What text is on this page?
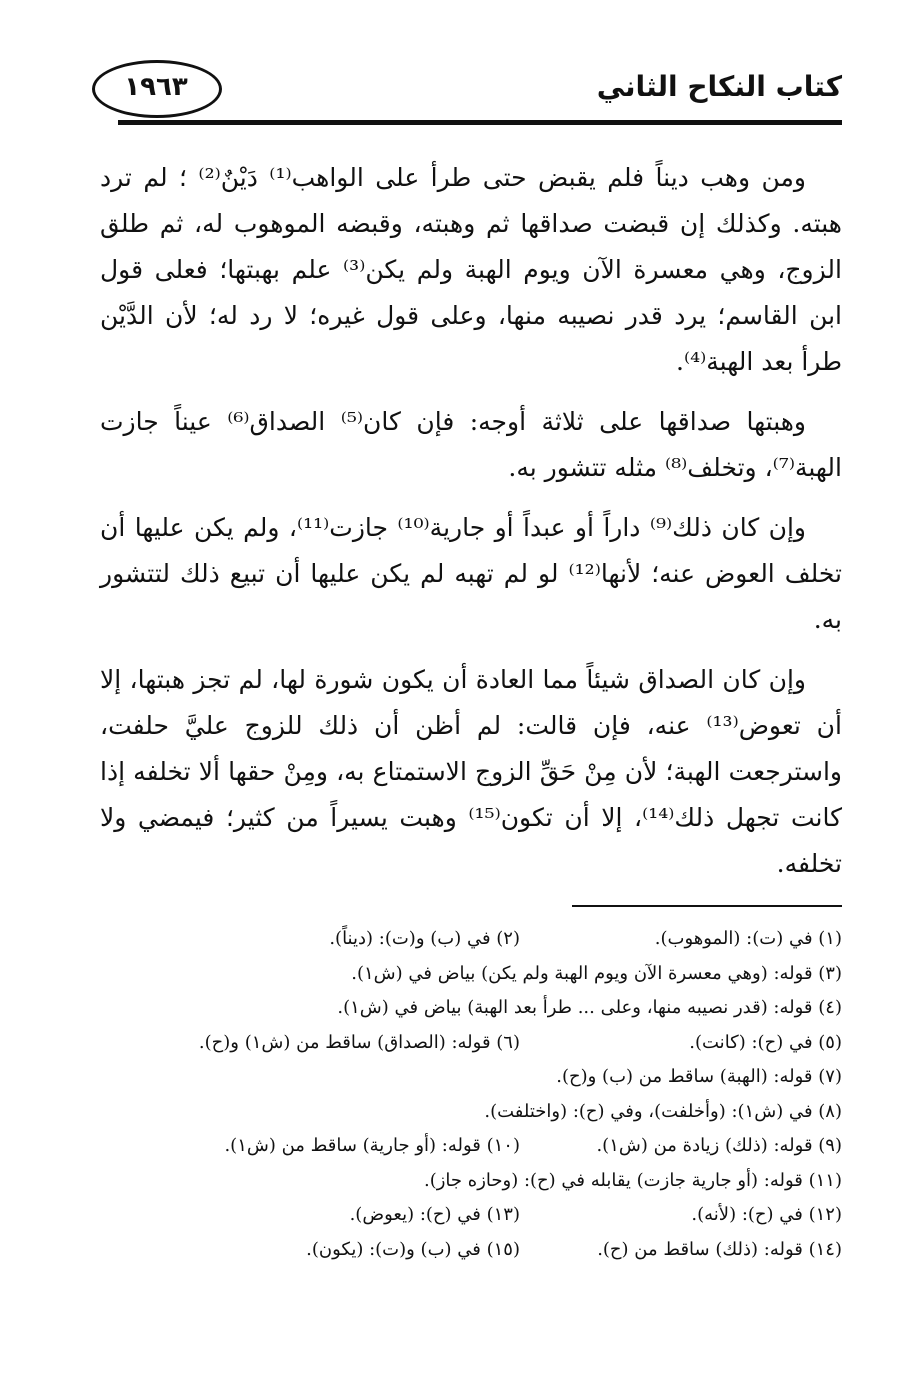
كتاب النكاح الثاني
١٩٦٣

ومن وهب ديناً فلم يقبض حتى طرأ على الواهب⁽¹⁾ دَيْنٌ⁽²⁾ ؛ لم ترد هبته. وكذلك إن قبضت صداقها ثم وهبته، وقبضه الموهوب له، ثم طلق الزوج، وهي معسرة الآن ويوم الهبة ولم يكن⁽³⁾ علم بهبتها؛ فعلى قول ابن القاسم؛ يرد قدر نصيبه منها، وعلى قول غيره؛ لا رد له؛ لأن الدَّيْن طرأ بعد الهبة⁽⁴⁾.

وهبتها صداقها على ثلاثة أوجه: فإن كان⁽⁵⁾ الصداق⁽⁶⁾ عيناً جازت الهبة⁽⁷⁾، وتخلف⁽⁸⁾ مثله تتشور به.

وإن كان ذلك⁽⁹⁾ داراً أو عبداً أو جارية⁽¹⁰⁾ جازت⁽¹¹⁾، ولم يكن عليها أن تخلف العوض عنه؛ لأنها⁽¹²⁾ لو لم تهبه لم يكن عليها أن تبيع ذلك لتتشور به.

وإن كان الصداق شيئاً مما العادة أن يكون شورة لها، لم تجز هبتها، إلا أن تعوض⁽¹³⁾ عنه، فإن قالت: لم أظن أن ذلك للزوج عليَّ حلفت، واسترجعت الهبة؛ لأن مِنْ حَقِّ الزوج الاستمتاع به، ومِنْ حقها ألا تخلفه إذا كانت تجهل ذلك⁽¹⁴⁾، إلا أن تكون⁽¹⁵⁾ وهبت يسيراً من كثير؛ فيمضي ولا تخلفه.

(١) في (ت): (الموهوب).
(٢) في (ب) و(ت): (ديناً).
(٣) قوله: (وهي معسرة الآن ويوم الهبة ولم يكن) بياض في (ش١).
(٤) قوله: (قدر نصيبه منها، وعلى ... طرأ بعد الهبة) بياض في (ش١).
(٥) في (ح): (كانت).
(٦) قوله: (الصداق) ساقط من (ش١) و(ح).
(٧) قوله: (الهبة) ساقط من (ب) و(ح).
(٨) في (ش١): (وأخلفت)، وفي (ح): (واختلفت).
(٩) قوله: (ذلك) زيادة من (ش١).
(١٠) قوله: (أو جارية) ساقط من (ش١).
(١١) قوله: (أو جارية جازت) يقابله في (ح): (وحازه جاز).
(١٢) في (ح): (لأنه).
(١٣) في (ح): (يعوض).
(١٤) قوله: (ذلك) ساقط من (ح).
(١٥) في (ب) و(ت): (يكون).
